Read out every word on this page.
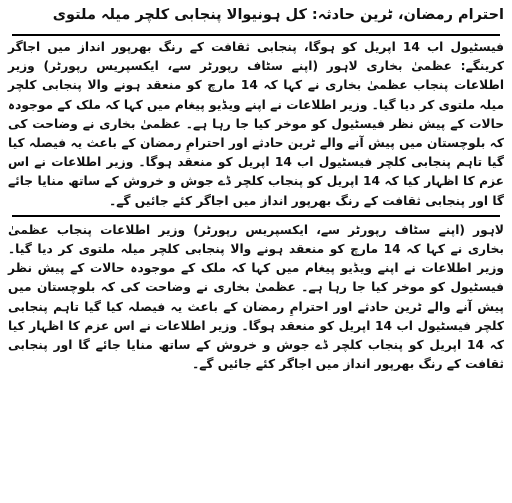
احترام رمضان، ٹرین حادثہ: کل ہونیوالا پنجابی کلچر میلہ ملتوی

فیسٹیول اب 14 اپریل کو ہوگا، پنجابی ثقافت کے رنگ بھرپور انداز میں اجاگر کرینگے: عظمیٰ بخاری لاہور (اپنے سٹاف رپورٹر سے، ایکسپریس رپورٹر) وزیر اطلاعات پنجاب عظمیٰ بخاری نے کہا کہ 14 مارچ کو منعقد ہونے والا پنجابی کلچر میلہ ملتوی کر دیا گیا۔ وزیر اطلاعات نے اپنے ویڈیو پیغام میں کہا کہ ملک کے موجودہ حالات کے پیش نظر فیسٹیول کو موخر کیا جا رہا ہے۔ عظمیٰ بخاری نے وضاحت کی کہ بلوچستان میں پیش آنے والے ٹرین حادثے اور احترامِ رمضان کے باعث یہ فیصلہ کیا گیا تاہم پنجابی کلچر فیسٹیول اب 14 اپریل کو منعقد ہوگا۔ وزیر اطلاعات نے اس عزم کا اظہار کیا کہ 14 اپریل کو پنجاب کلچر ڈے جوش و خروش کے ساتھ منایا جائے گا اور پنجابی ثقافت کے رنگ بھرپور انداز میں اجاگر کئے جائیں گے۔

لاہور (اپنے سٹاف رپورٹر سے، ایکسپریس رپورٹر) وزیر اطلاعات پنجاب عظمیٰ بخاری نے کہا کہ 14 مارچ کو منعقد ہونے والا پنجابی کلچر میلہ ملتوی کر دیا گیا۔ وزیر اطلاعات نے اپنے ویڈیو پیغام میں کہا کہ ملک کے موجودہ حالات کے پیش نظر فیسٹیول کو موخر کیا جا رہا ہے۔ عظمیٰ بخاری نے وضاحت کی کہ بلوچستان میں پیش آنے والے ٹرین حادثے اور احترامِ رمضان کے باعث یہ فیصلہ کیا گیا تاہم پنجابی کلچر فیسٹیول اب 14 اپریل کو منعقد ہوگا۔ وزیر اطلاعات نے اس عزم کا اظہار کیا کہ 14 اپریل کو پنجاب کلچر ڈے جوش و خروش کے ساتھ منایا جائے گا اور پنجابی ثقافت کے رنگ بھرپور انداز میں اجاگر کئے جائیں گے۔
